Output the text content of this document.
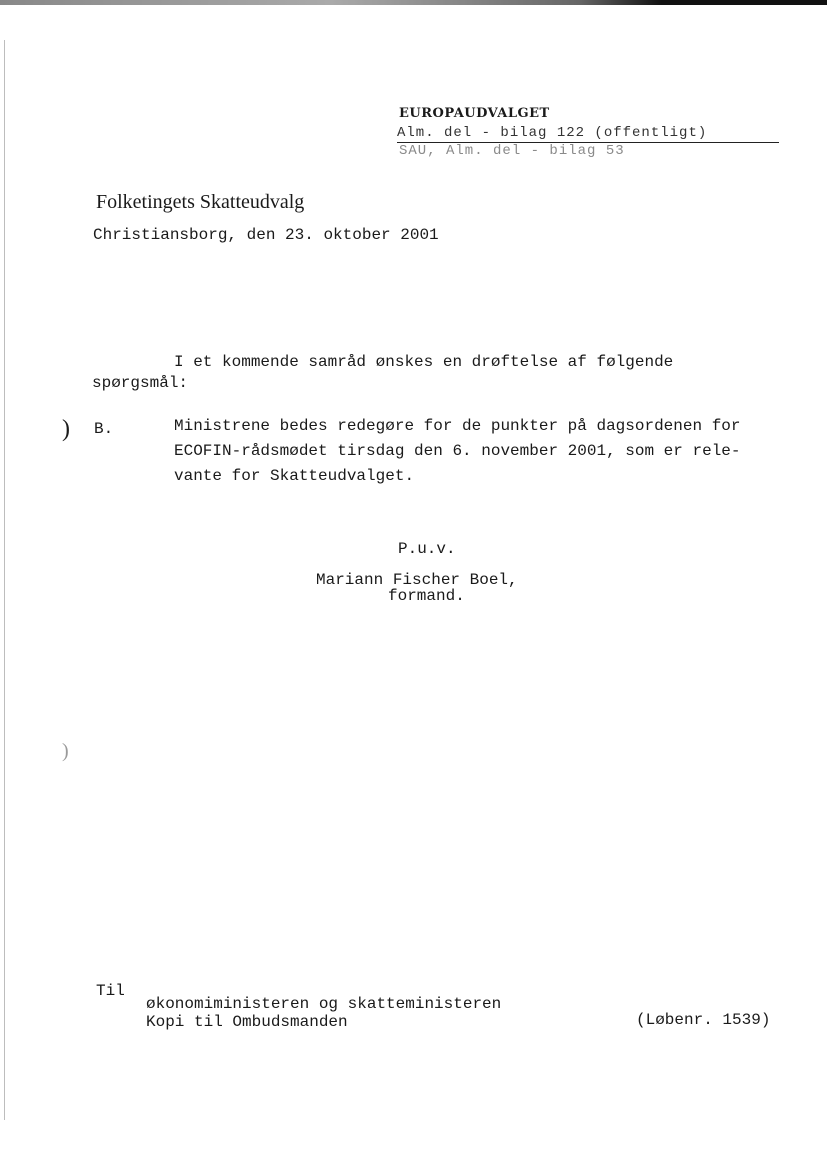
EUROPAUDVALGET
Alm. del - bilag 122 (offentligt)
SAU, Alm. del - bilag 53
Folketingets Skatteudvalg
Christiansborg, den 23. oktober 2001
I et kommende samråd ønskes en drøftelse af følgende
spørgsmål:
) B.	Ministrene bedes redegøre for de punkter på dagsordenen for
ECOFIN-rådsmødet tirsdag den 6. november 2001, som er rele-
vante for Skatteudvalget.
P.u.v.
Mariann Fischer Boel,
formand.
)
Til
økonomiministeren og skatteministeren
Kopi til Ombudsmanden	(Løbenr. 1539)
